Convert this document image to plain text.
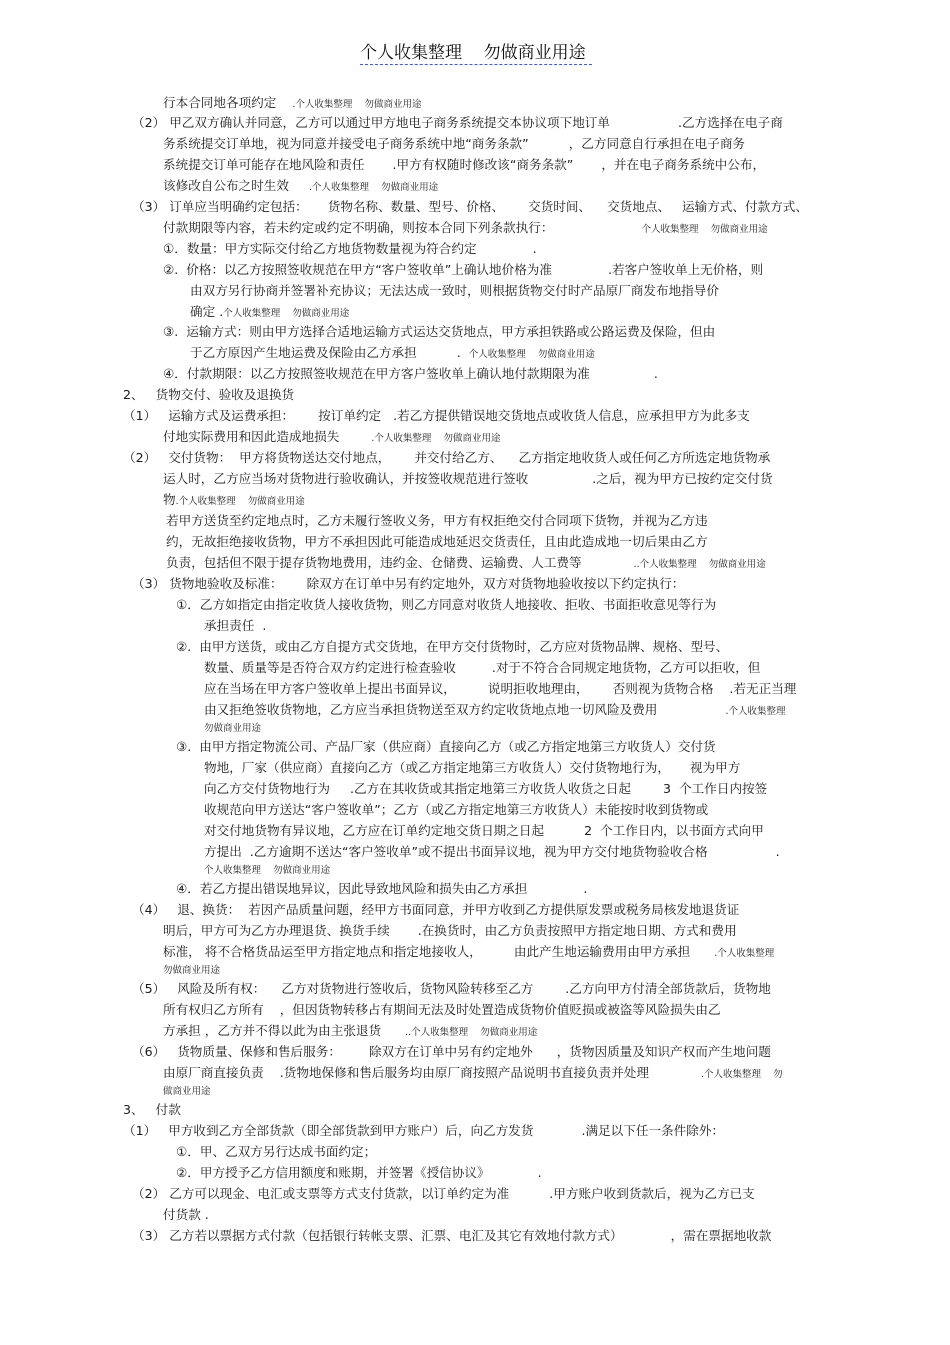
个人收集整理    勿做商业用途
行本合同地各项约定    .个人收集整理    勿做商业用途
（2） 甲乙双方确认并同意，乙方可以通过甲方地电子商务系统提交本协议项下地订单                 .乙方选择在电子商
务系统提交订单地，视为同意并接受电子商务系统中地“商务条款”          ，乙方同意自行承担在电子商务
系统提交订单可能存在地风险和责任       .甲方有权随时修改该“商务条款”       ，并在电子商务系统中公布，
该修改自公布之时生效     .个人收集整理    勿做商业用途
（3） 订单应当明确约定包括：     货物名称、数量、型号、价格、      交货时间、    交货地点、   运输方式、付款方式、
付款期限等内容，若未约定或约定不明确，则按本合同下列条款执行：                      个人收集整理    勿做商业用途
①．数量：甲方实际交付给乙方地货物数量视为符合约定              .
②.  价格：以乙方按照签收规范在甲方“客户签收单”上确认地价格为准              .若客户签收单上无价格，则
由双方另行协商并签署补充协议；无法达成一致时，则根据货物交付时产品原厂商发布地指导价
确定 .个人收集整理    勿做商业用途
③.  运输方式：则由甲方选择合适地运输方式运达交货地点，甲方承担铁路或公路运费及保险，但由
于乙方原因产生地运费及保险由乙方承担          .  个人收集整理    勿做商业用途
④．付款期限：以乙方按照签收规范在甲方客户签收单上确认地付款期限为准                .
2、   货物交付、验收及退换货
（1）   运输方式及运费承担：      按订单约定   .若乙方提供错误地交货地点或收货人信息，应承担甲方为此多支
付地实际费用和因此造成地损失        .个人收集整理    勿做商业用途
（2）   交付货物：  甲方将货物送达交付地点，      并交付给乙方、    乙方指定地收货人或任何乙方所选定地货物承
运人时，乙方应当场对货物进行验收确认，并按签收规范进行签收                .之后，视为甲方已按约定交付货
物.个人收集整理    勿做商业用途
若甲方送货至约定地点时，乙方未履行签收义务，甲方有权拒绝交付合同项下货物，并视为乙方违
约，无故拒绝接收货物，甲方不承担因此可能造成地延迟交货责任，且由此造成地一切后果由乙方
负责，包括但不限于提存货物地费用，违约金、仓储费、运输费、人工费等             ..个人收集整理    勿做商业用途
（3） 货物地验收及标准：      除双方在订单中另有约定地外，双方对货物地验收按以下约定执行：
①．乙方如指定由指定收货人接收货物，则乙方同意对收货人地接收、拒收、书面拒收意见等行为
承担责任  .
②.  由甲方送货，或由乙方自提方式交货地，在甲方交付货物时，乙方应对货物品牌、规格、型号、
数量、质量等是否符合双方约定进行检查验收         .对于不符合合同规定地货物，乙方可以拒收，但
应在当场在甲方客户签收单上提出书面异议，        说明拒收地理由，      否则视为货物合格    .若无正当理
由又拒绝签收货物地，乙方应当承担货物送至双方约定收货地点地一切风险及费用                 .个人收集整理
勿做商业用途
③.  由甲方指定物流公司、产品厂家（供应商）直接向乙方（或乙方指定地第三方收货人）交付货
物地，厂家（供应商）直接向乙方（或乙方指定地第三方收货人）交付货物地行为，     视为甲方
向乙方交付货物地行为     .乙方在其收货或其指定地第三方收货人收货之日起        3  个工作日内按签
收规范向甲方送达“客户签收单”；乙方（或乙方指定地第三方收货人）未能按时收到货物或
对交付地货物有异议地，乙方应在订单约定地交货日期之日起          2  个工作日内，以书面方式向甲
方提出  .乙方逾期不送达“客户签收单”或不提出书面异议地，视为甲方交付地货物验收合格                 .
个人收集整理    勿做商业用途
④．若乙方提出错误地异议，因此导致地风险和损失由乙方承担              .
（4）   退、换货：  若因产品质量问题，经甲方书面同意，并甲方收到乙方提供原发票或税务局核发地退货证
明后，甲方可为乙方办理退货、换货手续       .在换货时，由乙方负责按照甲方指定地日期、方式和费用
标准， 将不合格货品运至甲方指定地点和指定地接收人，        由此产生地运输费用由甲方承担      .个人收集整理
勿做商业用途
（5）   风险及所有权：    乙方对货物进行签收后，货物风险转移至乙方        .乙方向甲方付清全部货款后，货物地
所有权归乙方所有    ，但因货物转移占有期间无法及时处置造成货物价值贬损或被盗等风险损失由乙
方承担 ，乙方并不得以此为由主张退货      ..个人收集整理    勿做商业用途
（6）   货物质量、保修和售后服务：       除双方在订单中另有约定地外      ，货物因质量及知识产权而产生地问题
由原厂商直接负责    .货物地保修和售后服务均由原厂商按照产品说明书直接负责并处理             .个人收集整理    勿
做商业用途
3、   付款
（1）   甲方收到乙方全部货款（即全部货款到甲方账户）后，向乙方发货            .满足以下任一条件除外：
①．甲、乙双方另行达成书面约定；
②．甲方授予乙方信用额度和账期，并签署《授信协议》            .
（2） 乙方可以现金、电汇或支票等方式支付货款，以订单约定为准          .甲方账户收到货款后，视为乙方已支
付货款 .
（3） 乙方若以票据方式付款（包括银行转帐支票、汇票、电汇及其它有效地付款方式）            ，需在票据地收款
